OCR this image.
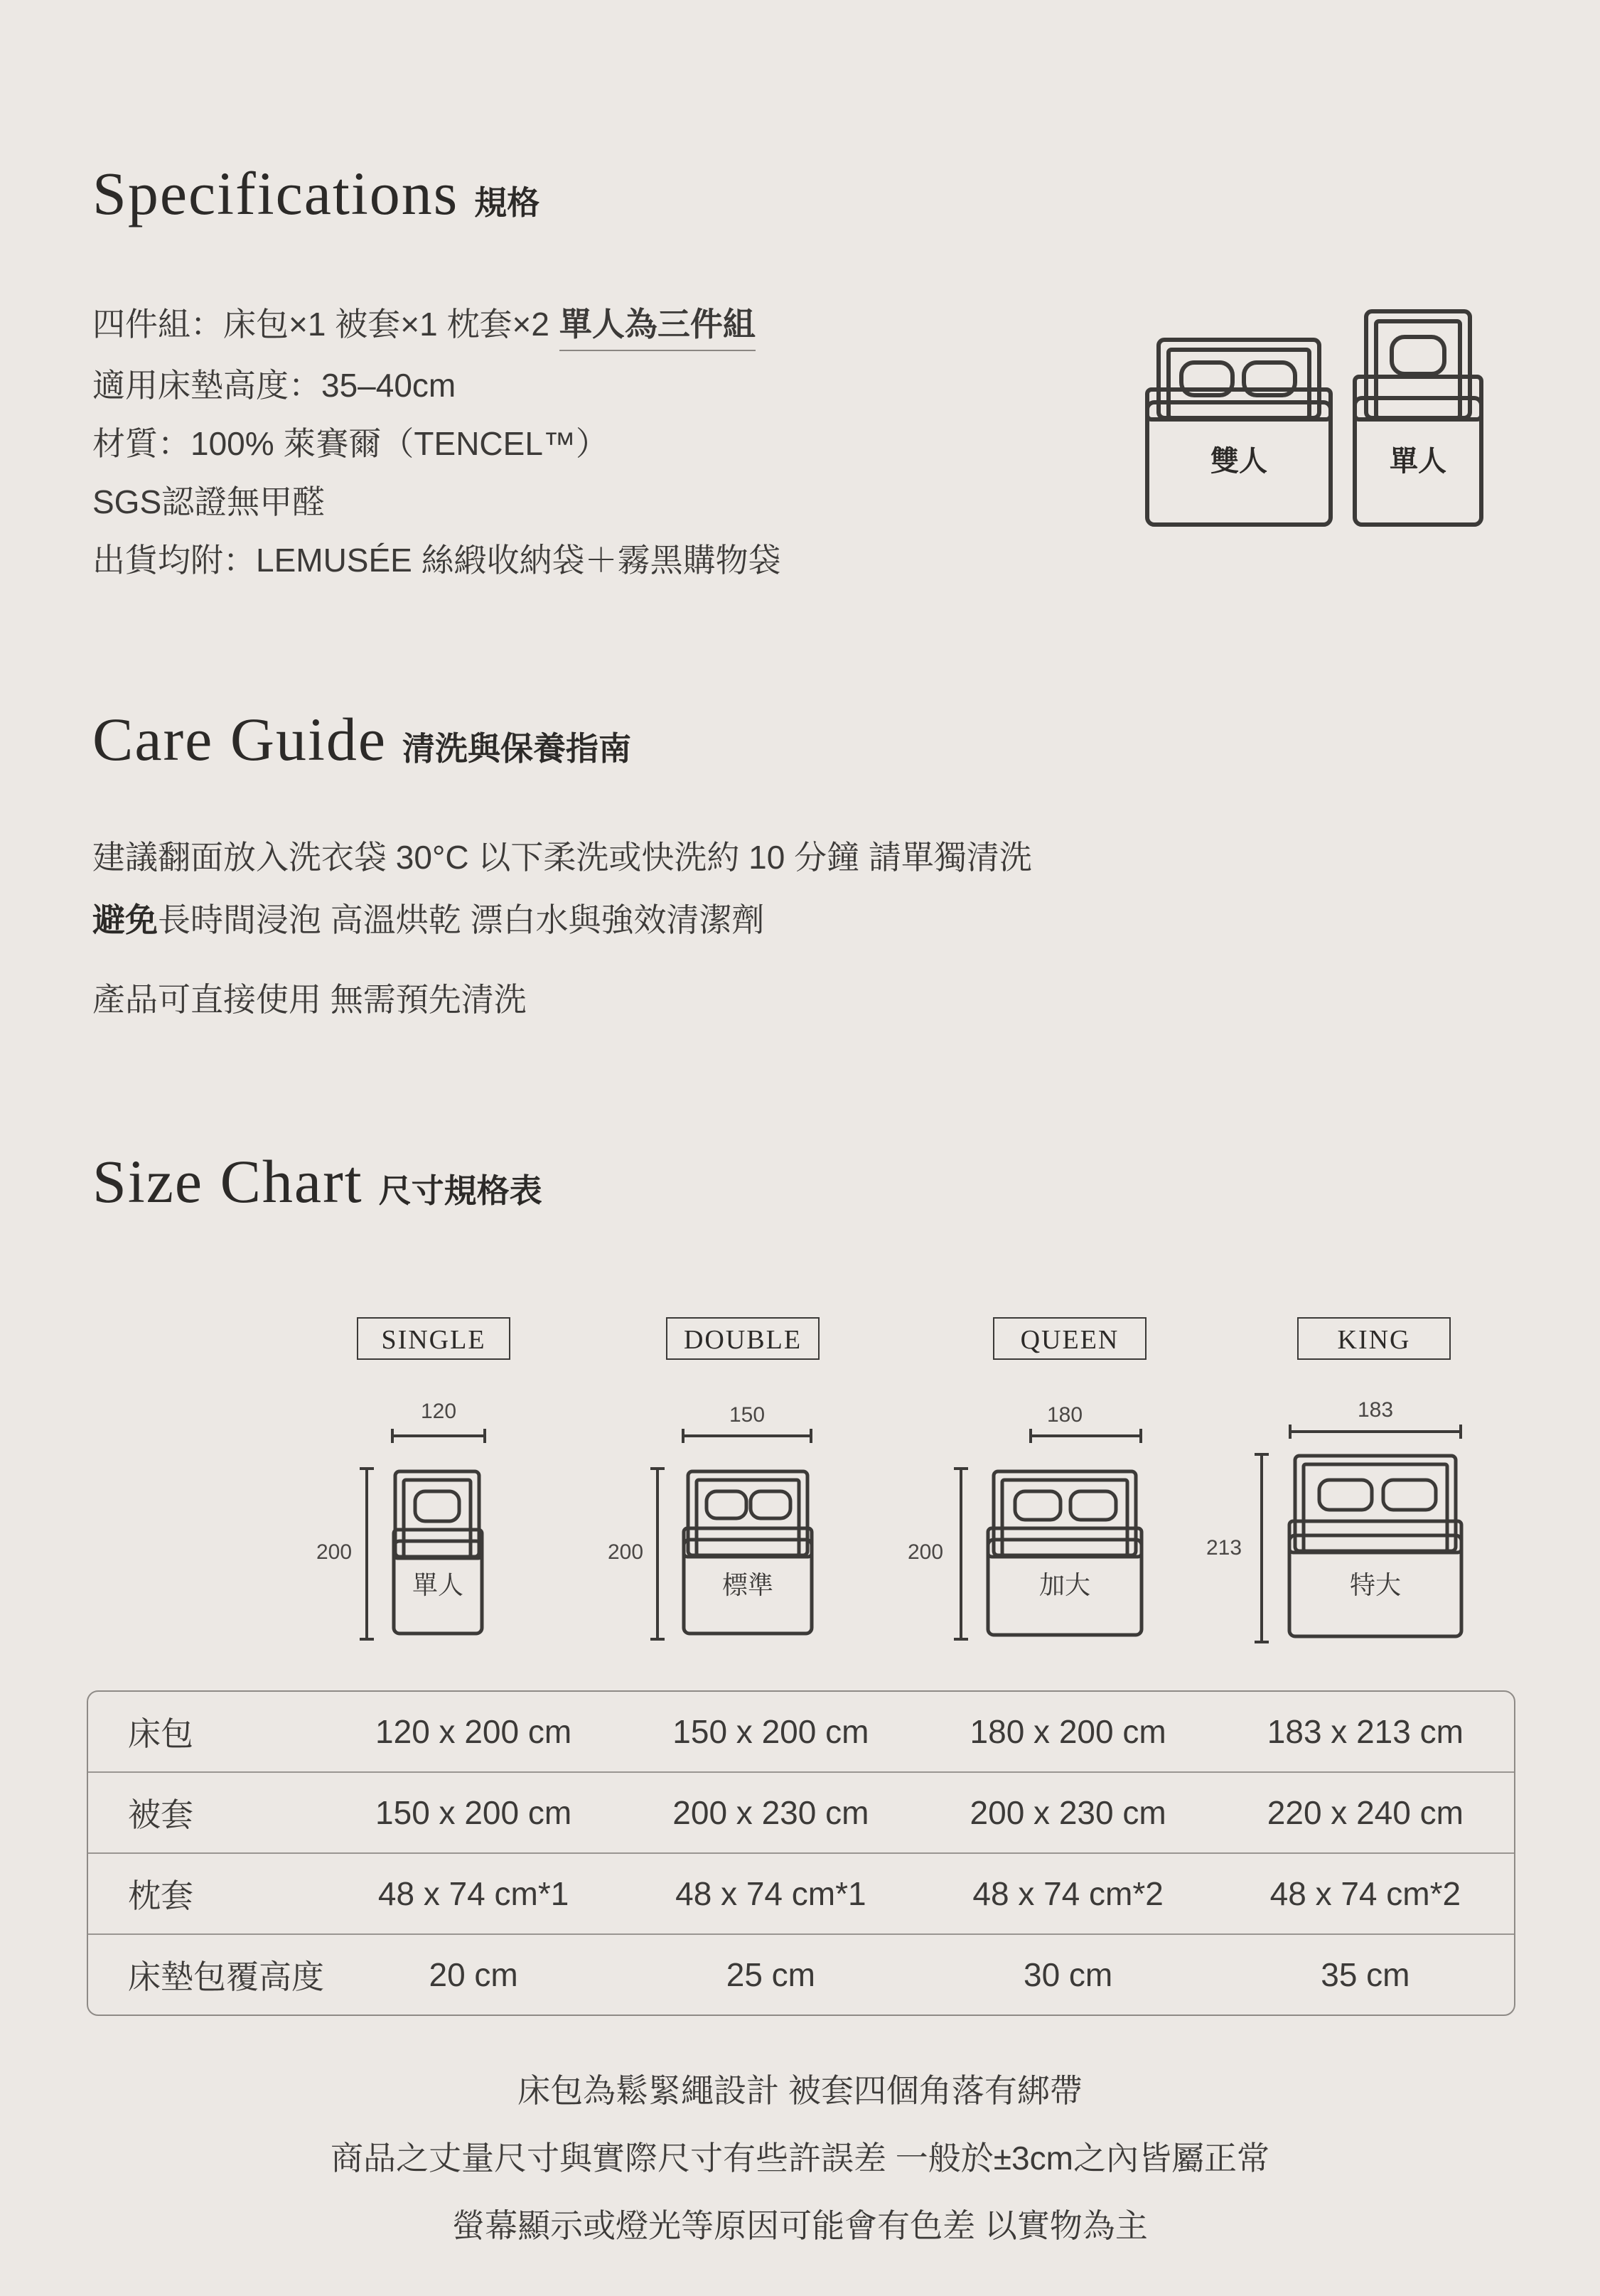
Specifications 規格
四件組：床包×1 被套×1 枕套×2 單人為三件組
適用床墊高度：35–40cm
材質：100% 萊賽爾（TENCEL™）
SGS認證無甲醛
出貨均附：LEMUSÉE 絲緞收納袋＋霧黑購物袋
雙人	單人
Care Guide 清洗與保養指南
建議翻面放入洗衣袋 30°C 以下柔洗或快洗約 10 分鐘 請單獨清洗
避免長時間浸泡 高溫烘乾 漂白水與強效清潔劑
產品可直接使用 無需預先清洗
Size Chart 尺寸規格表
SINGLE	DOUBLE	QUEEN	KING
120
200
150
200
180
200
183
213
單人	標準	加大	特大
床包	120 x 200 cm	150 x 200 cm	180 x 200 cm	183 x 213 cm
被套	150 x 200 cm	200 x 230 cm	200 x 230 cm	220 x 240 cm
枕套	48 x 74 cm*1	48 x 74 cm*1	48 x 74 cm*2	48 x 74 cm*2
床墊包覆高度	20 cm	25 cm	30 cm	35 cm
床包為鬆緊繩設計 被套四個角落有綁帶
商品之丈量尺寸與實際尺寸有些許誤差 一般於±3cm之內皆屬正常
螢幕顯示或燈光等原因可能會有色差 以實物為主
